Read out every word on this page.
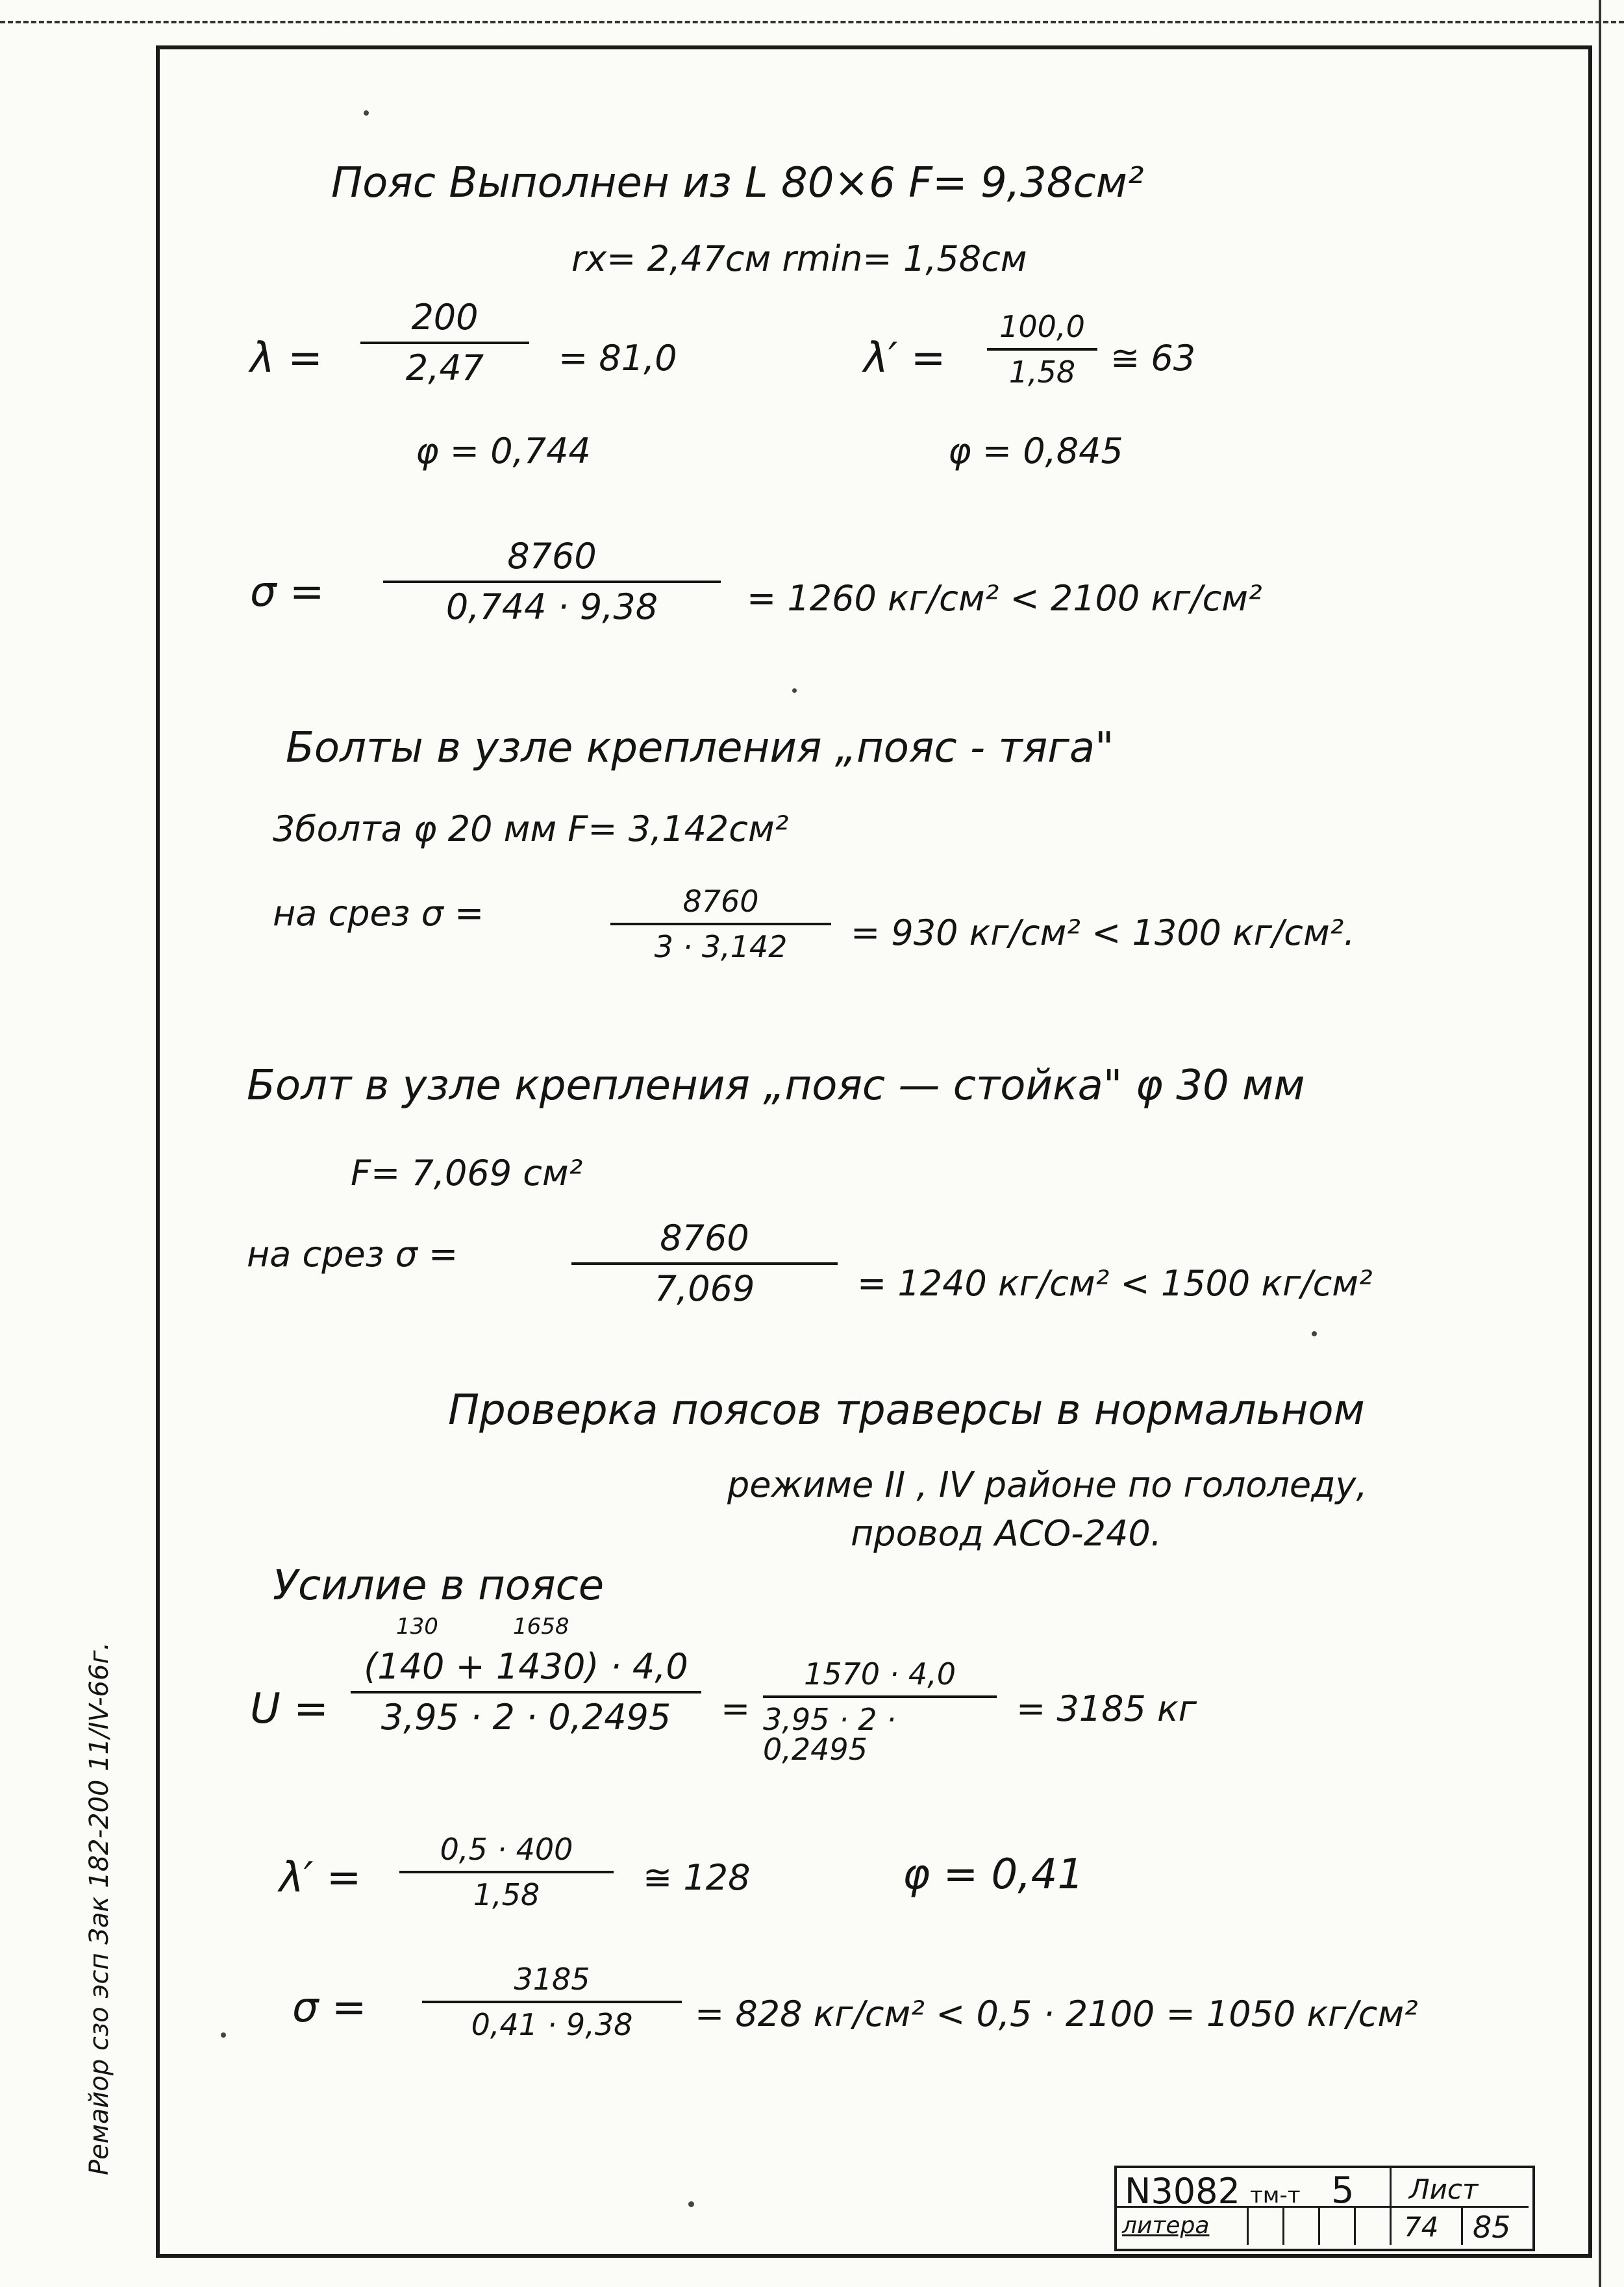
Пояс Выполнен из L 80×6 F= 9,38см²
rx= 2,47см rmin= 1,58см
λ =
200
2,47 = 81,0	λ′ =
100,0
1,58 ≅ 63
φ = 0,744	φ = 0,845
σ =
8760
0,744 · 9,38	= 1260 кг/см² < 2100 кг/см²
Болты в узле крепления „пояс - тяга"
3болта φ 20 мм F= 3,142см²
на срез σ =	8760
3 · 3,142 = 930 кг/см² < 1300 кг/см².
Болт в узле крепления „пояс — стойка" φ 30 мм
F= 7,069 см²
на срез σ =	8760
7,069	= 1240 кг/см² < 1500 кг/см²
Проверка поясов траверсы в нормальном
режиме II , IV районе по гололеду,
провод АСО-240.
Усилие в поясе
130	1658
U =
(140 + 1430) · 4,0
3,95 · 2 · 0,2495 =
1570 · 4,0
3,95 · 2 · 0,2495
= 3185 кг
λ′ =
0,5 · 400
1,58	≅ 128	φ = 0,41
σ =
3185
0,41 · 9,38 = 828 кг/см² < 0,5 · 2100 = 1050 кг/см²
Ремайор сзо эсп Зак 182-200 11/IV-66г.
N3082 тм-т 5 Лист
литера	74 85
